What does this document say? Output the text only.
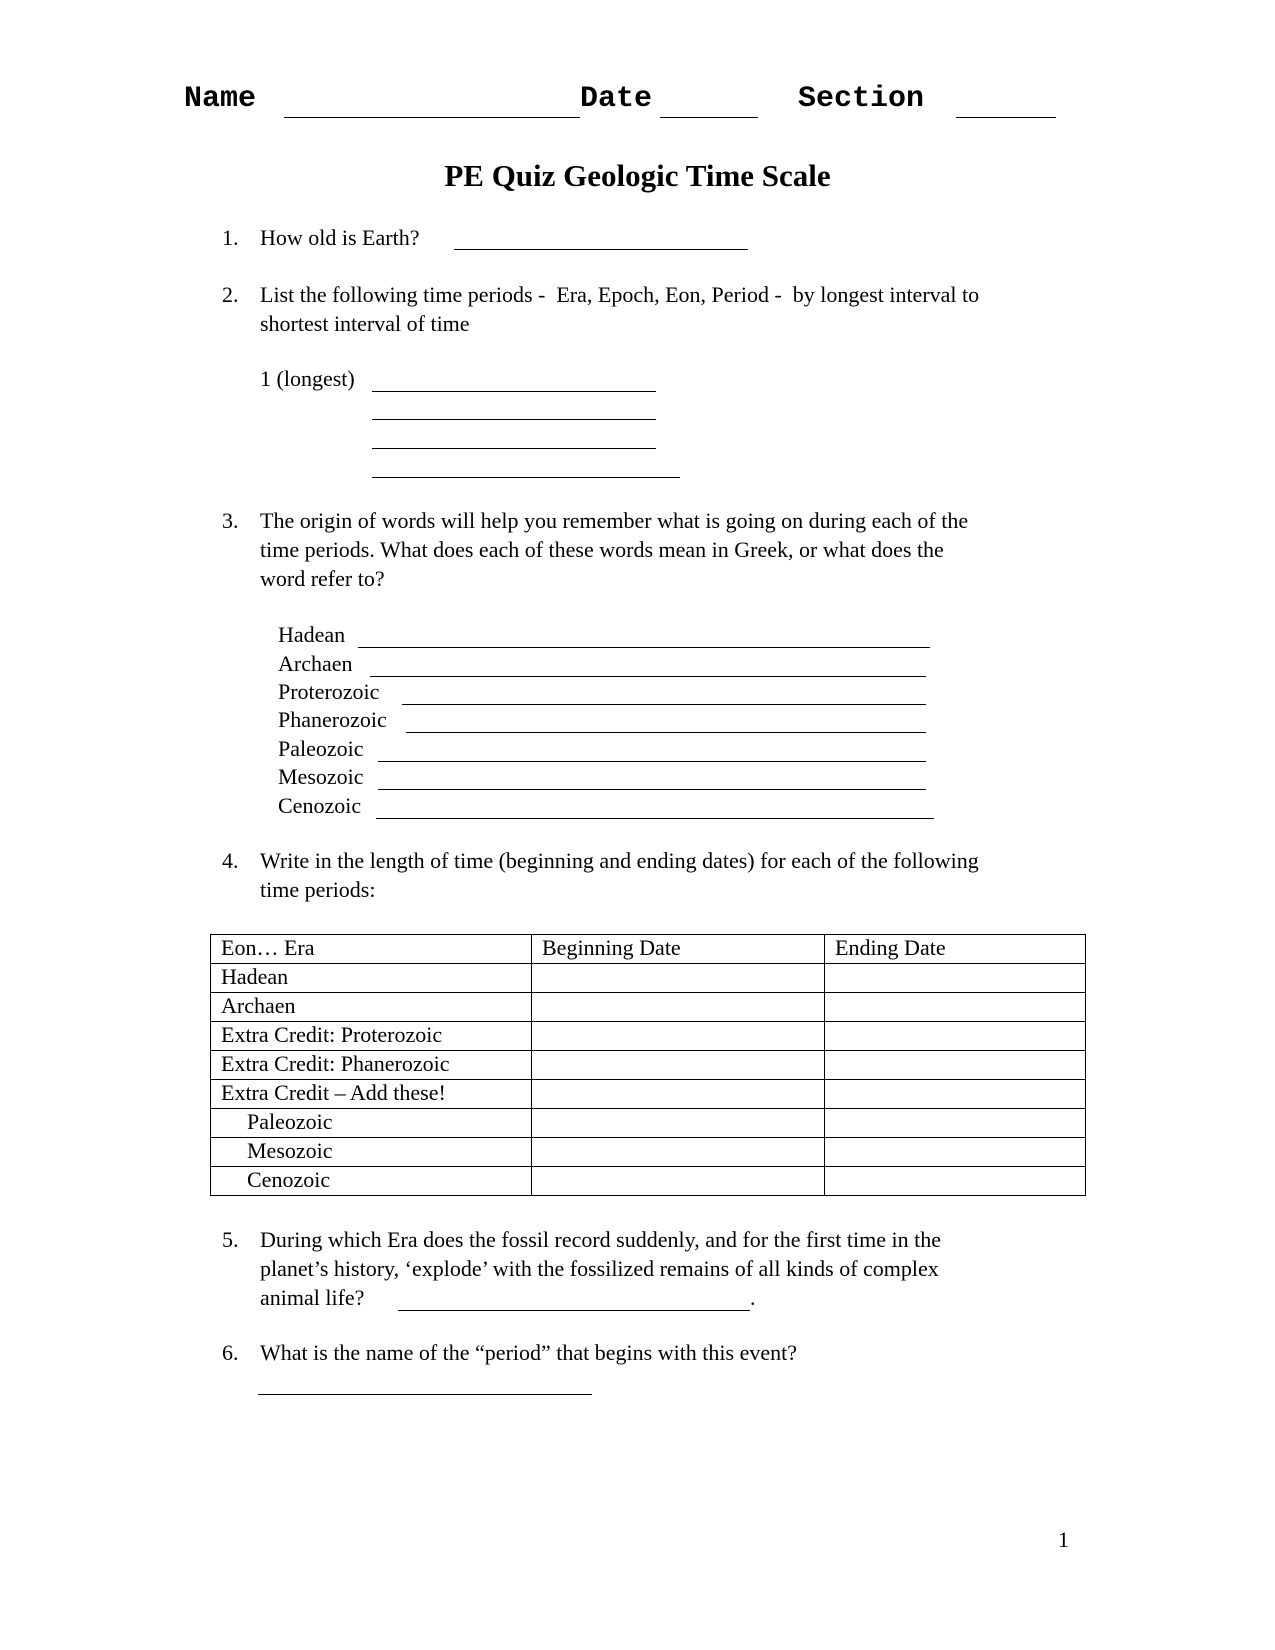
Name	Date	Section
PE Quiz Geologic Time Scale
1. How old is Earth?
2. List the following time periods -  Era, Epoch, Eon, Period -  by longest interval to
shortest interval of time
1 (longest)
3. The origin of words will help you remember what is going on during each of the
time periods. What does each of these words mean in Greek, or what does the
word refer to?
Hadean
Archaen
Proterozoic
Phanerozoic
Paleozoic
Mesozoic
Cenozoic
4. Write in the length of time (beginning and ending dates) for each of the following
time periods:
Eon… Era	Beginning Date	Ending Date
Hadean		
Archaen		
Extra Credit: Proterozoic		
Extra Credit: Phanerozoic		
Extra Credit – Add these!		
Paleozoic		
Mesozoic		
Cenozoic		
5. During which Era does the fossil record suddenly, and for the first time in the
planet’s history, ‘explode’ with the fossilized remains of all kinds of complex
animal life?	.
6. What is the name of the “period” that begins with this event?
1
